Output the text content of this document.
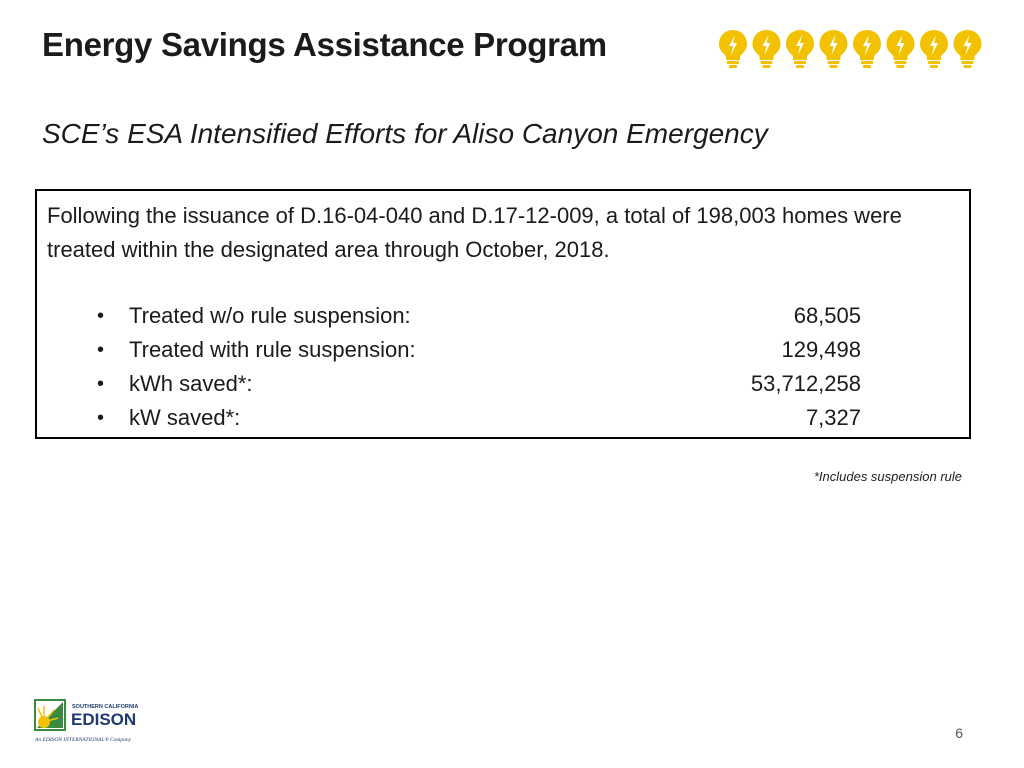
Energy Savings Assistance Program
SCE’s ESA Intensified Efforts for Aliso Canyon Emergency
Following the issuance of D.16-04-040 and D.17-12-009, a total of 198,003 homes were treated within the designated area through October, 2018.
• Treated w/o rule suspension:	68,505
• Treated with rule suspension:	129,498
• kWh saved*:	53,712,258
• kW saved*:	7,327
*Includes suspension rule
SOUTHERN CALIFORNIA
EDISON
An EDISON INTERNATIONAL® Company	6
